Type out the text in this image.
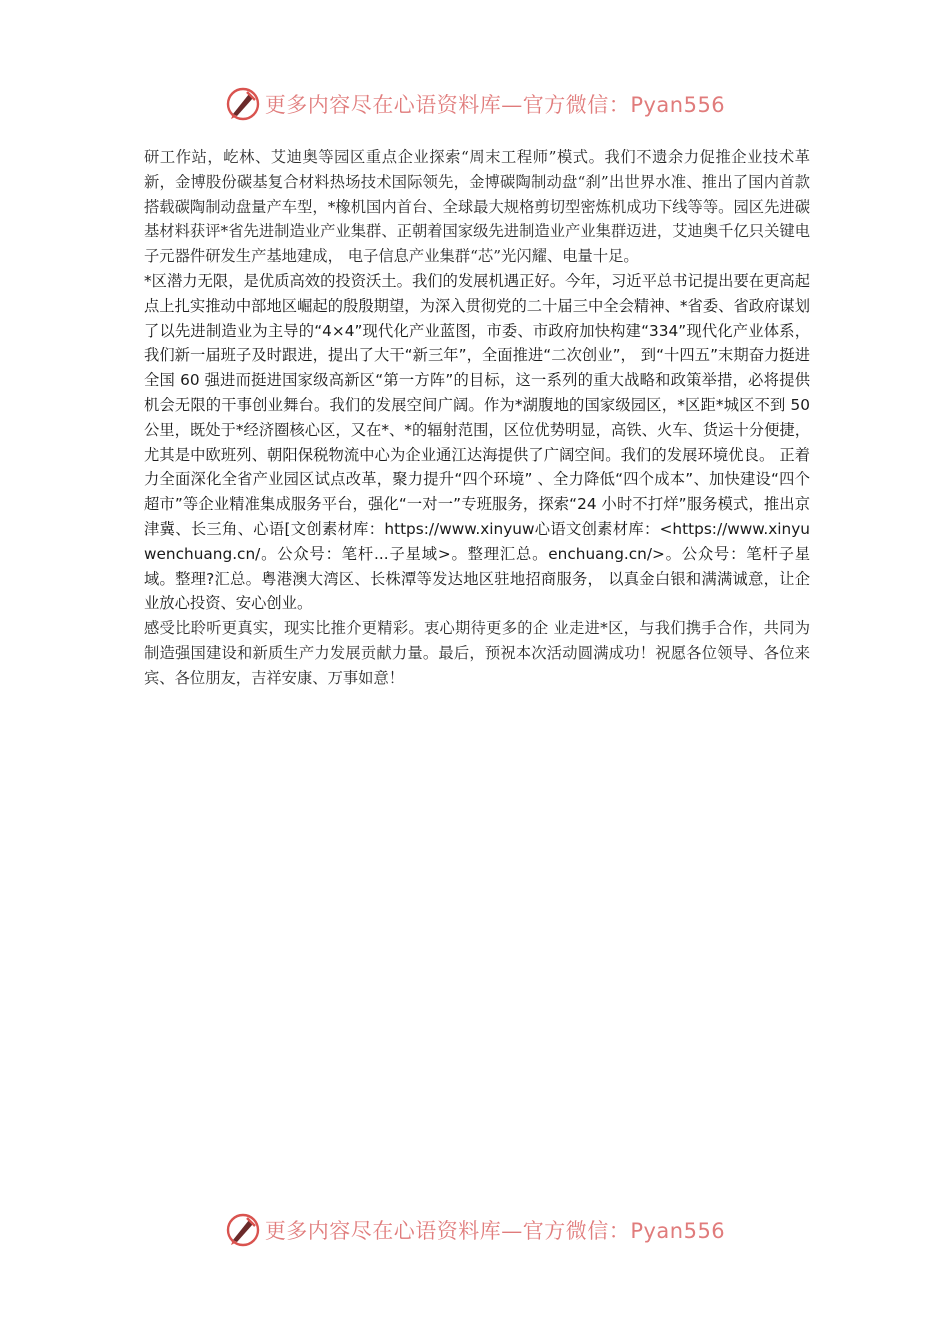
更多内容尽在心语资料库—官方微信：Pyan556

研工作站，屹林、艾迪奥等园区重点企业探索“周末工程师”模式。我们不遗余力促推企业技术革新，金博股份碳基复合材料热场技术国际领先，金博碳陶制动盘“刹”出世界水准、推出了国内首款搭载碳陶制动盘量产车型，*橡机国内首台、全球最大规格剪切型密炼机成功下线等等。园区先进碳基材料获评*省先进制造业产业集群、正朝着国家级先进制造业产业集群迈进，艾迪奥千亿只关键电子元器件研发生产基地建成， 电子信息产业集群“芯”光闪耀、电量十足。

*区潜力无限，是优质高效的投资沃土。我们的发展机遇正好。今年，习近平总书记提出要在更高起点上扎实推动中部地区崛起的殷殷期望，为深入贯彻党的二十届三中全会精神、*省委、省政府谋划了以先进制造业为主导的“4×4”现代化产业蓝图，市委、市政府加快构建“334”现代化产业体系，我们新一届班子及时跟进，提出了大干“新三年”，全面推进“二次创业”， 到“十四五”末期奋力挺进全国 60 强进而挺进国家级高新区“第一方阵”的目标，这一系列的重大战略和政策举措，必将提供机会无限的干事创业舞台。我们的发展空间广阔。作为*湖腹地的国家级园区，*区距*城区不到 50 公里，既处于*经济圈核心区，又在*、*的辐射范围，区位优势明显，高铁、火车、货运十分便捷，尤其是中欧班列、朝阳保税物流中心为企业通江达海提供了广阔空间。我们的发展环境优良。 正着力全面深化全省产业园区试点改革，聚力提升“四个环境” 、全力降低“四个成本”、加快建设“四个超市”等企业精准集成服务平台，强化“一对一”专班服务，探索“24 小时不打烊”服务模式，推出京津冀、长三角、心语[文创素材库：https://www.xinyuw心语文创素材库：<https://www.xinyuwenchuang.cn/。公众号：笔杆...子星域>。整理汇总。enchuang.cn/>。公众号：笔杆子星域。整理?汇总。粤港澳大湾区、长株潭等发达地区驻地招商服务， 以真金白银和满满诚意，让企业放心投资、安心创业。

感受比聆听更真实，现实比推介更精彩。衷心期待更多的企 业走进*区，与我们携手合作，共同为制造强国建设和新质生产力发展贡献力量。最后，预祝本次活动圆满成功！祝愿各位领导、各位来宾、各位朋友，吉祥安康、万事如意！

更多内容尽在心语资料库—官方微信：Pyan556
